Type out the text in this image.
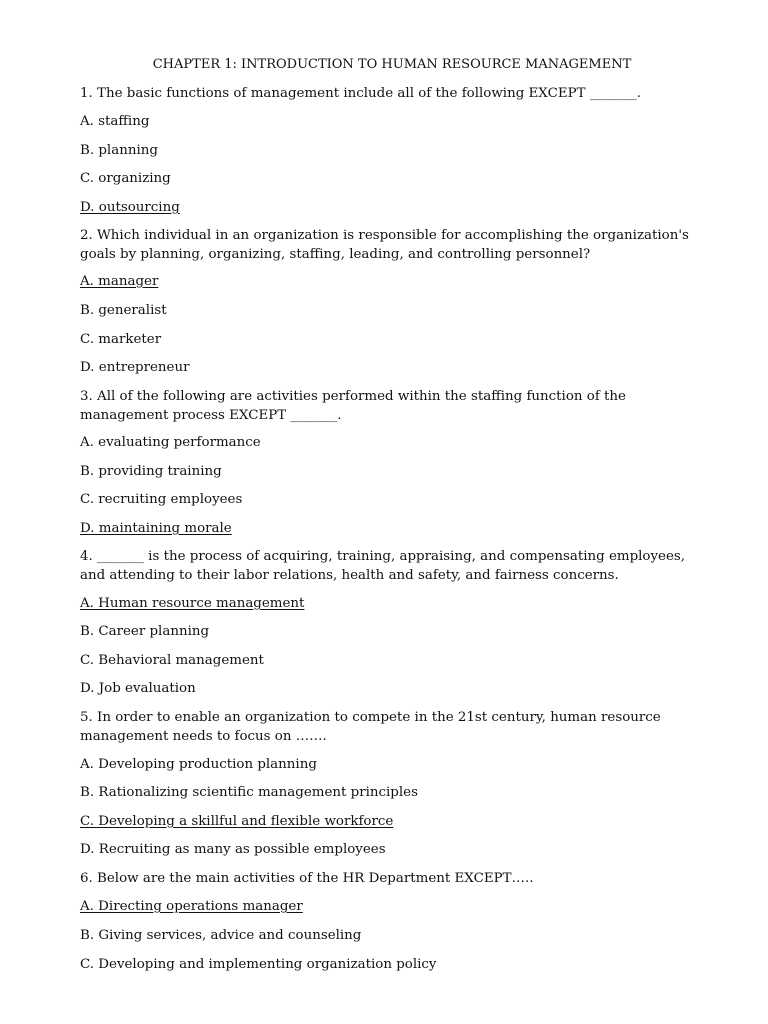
CHAPTER 1: INTRODUCTION TO HUMAN RESOURCE MANAGEMENT
1. The basic functions of management include all of the following EXCEPT _______.
A. staffing
B. planning
C. organizing
D. outsourcing
2. Which individual in an organization is responsible for accomplishing the organization's goals by planning, organizing, staffing, leading, and controlling personnel?
A. manager
B. generalist
C. marketer
D. entrepreneur
3. All of the following are activities performed within the staffing function of the management process EXCEPT _______.
A. evaluating performance
B. providing training
C. recruiting employees
D. maintaining morale
4. _______ is the process of acquiring, training, appraising, and compensating employees, and attending to their labor relations, health and safety, and fairness concerns.
A. Human resource management
B. Career planning
C. Behavioral management
D. Job evaluation
5. In order to enable an organization to compete in the 21st century, human resource management needs to focus on …….
A. Developing production planning
B. Rationalizing scientific management principles
C. Developing a skillful and flexible workforce
D. Recruiting as many as possible employees
6. Below are the main activities of the HR Department EXCEPT…..
A. Directing operations manager
B. Giving services, advice and counseling
C. Developing and implementing organization policy
